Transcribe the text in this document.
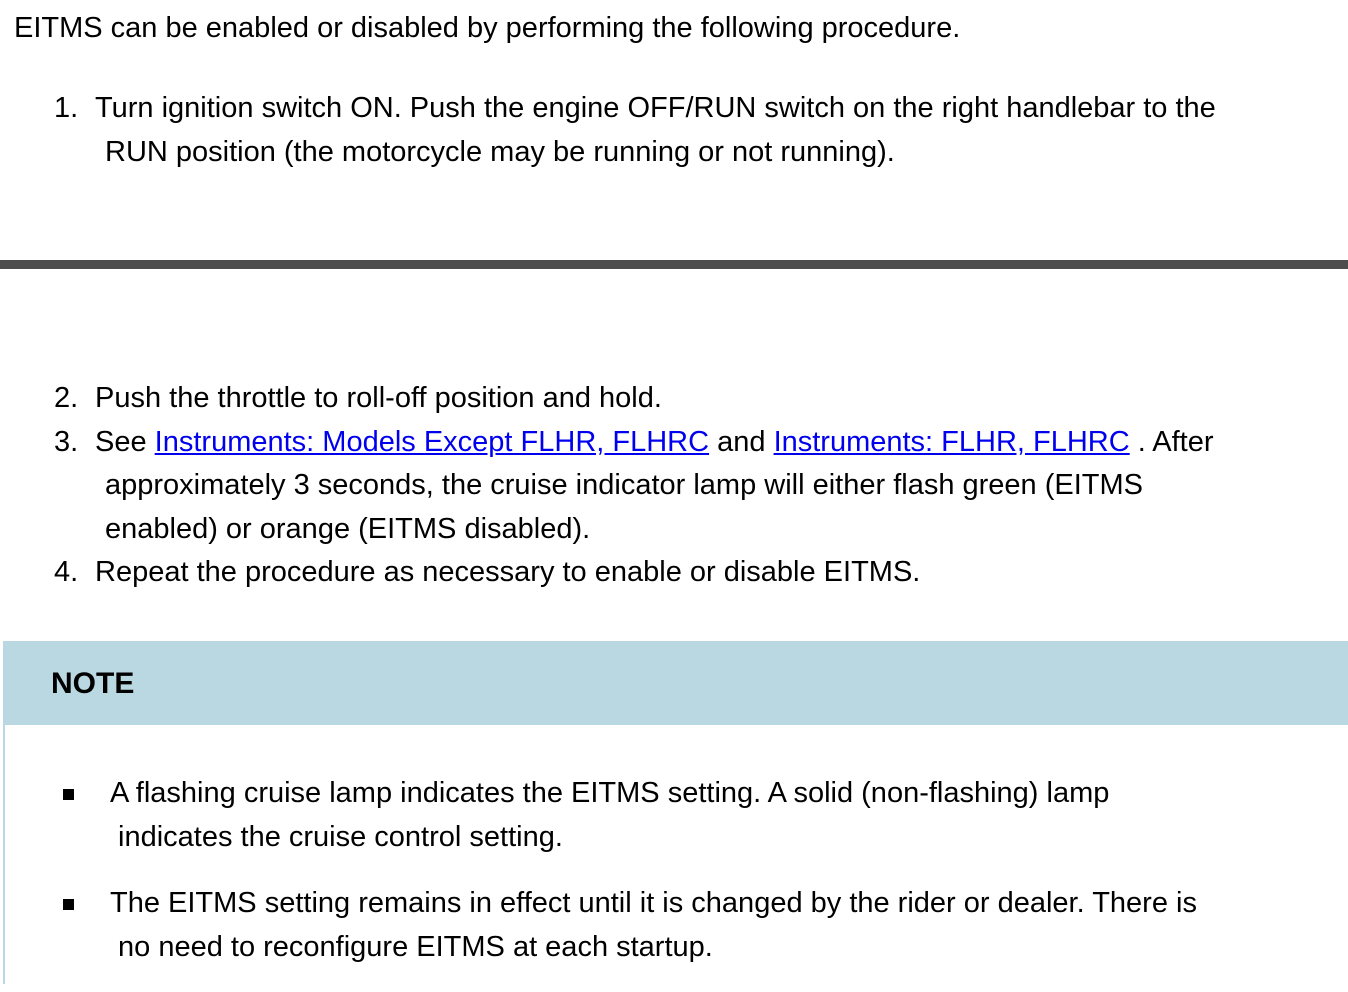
EITMS can be enabled or disabled by performing the following procedure.

1. Turn ignition switch ON. Push the engine OFF/RUN switch on the right handlebar to the
RUN position (the motorcycle may be running or not running).
2. Push the throttle to roll-off position and hold.
3. See Instruments: Models Except FLHR, FLHRC and Instruments: FLHR, FLHRC . After
approximately 3 seconds, the cruise indicator lamp will either flash green (EITMS
enabled) or orange (EITMS disabled).
4. Repeat the procedure as necessary to enable or disable EITMS.
NOTE
A flashing cruise lamp indicates the EITMS setting. A solid (non-flashing) lamp
indicates the cruise control setting.
The EITMS setting remains in effect until it is changed by the rider or dealer. There is
no need to reconfigure EITMS at each startup.
